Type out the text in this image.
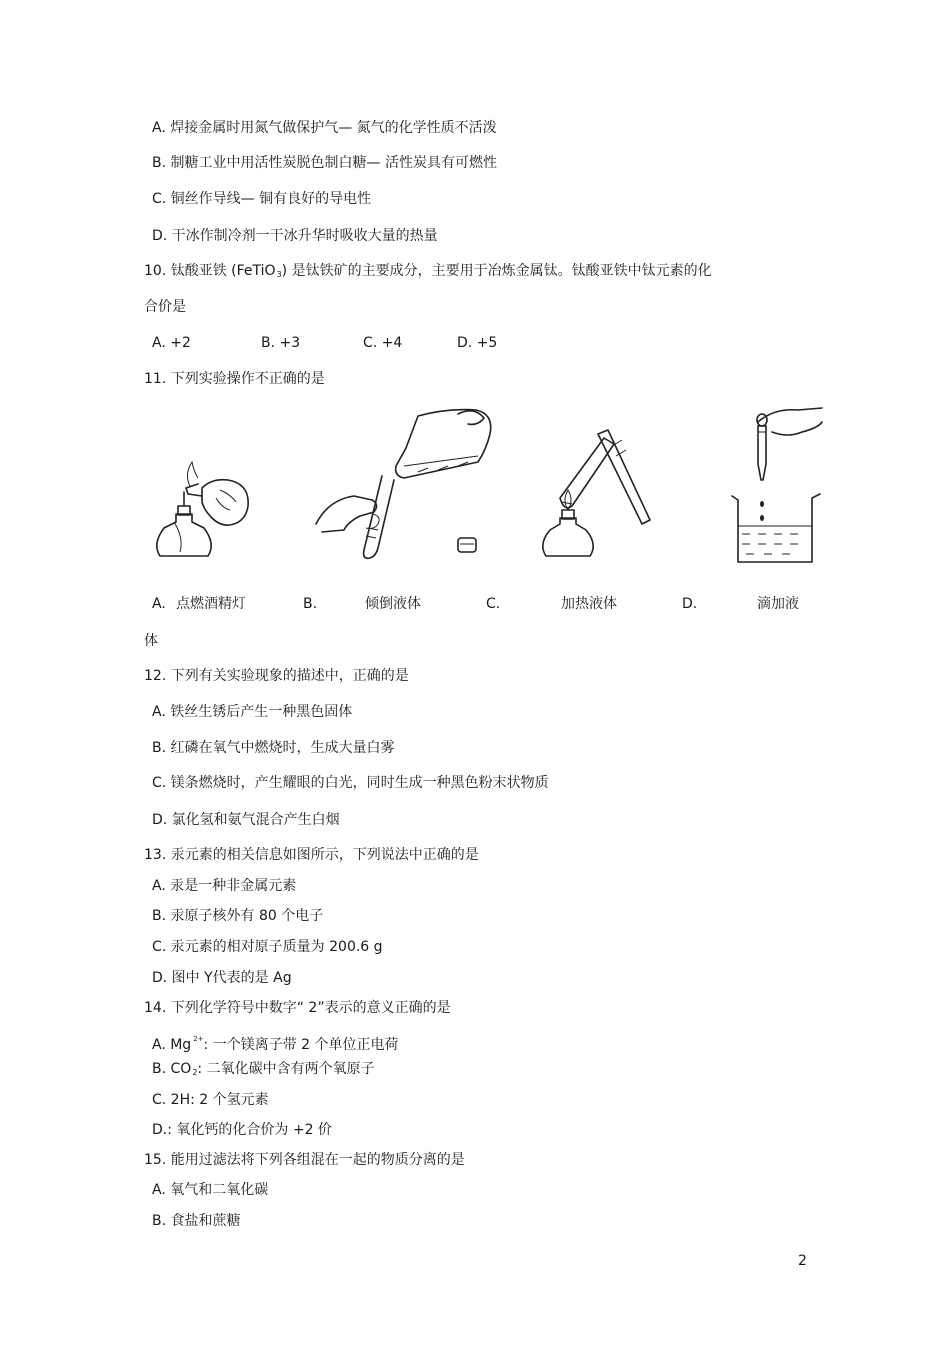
A. 焊接金属时用氮气做保护气— 氮气的化学性质不活泼
B. 制糖工业中用活性炭脱色制白糖— 活性炭具有可燃性
C. 铜丝作导线— 铜有良好的导电性
D. 干冰作制冷剂一干冰升华时吸收大量的热量
10. 钛酸亚铁 (FeTiO$_3$) 是钛铁矿的主要成分，主要用于冶炼金属钛。钛酸亚铁中钛元素的化
合价是
A. +2	B. +3	C. +4	D. +5
11. 下列实验操作不正确的是
A. 点燃酒精灯	B.	倾倒液体	C.	加热液体	D.	滴加液
体
12. 下列有关实验现象的描述中，正确的是
A. 铁丝生锈后产生一种黑色固体
B. 红磷在氧气中燃烧时，生成大量白雾
C. 镁条燃烧时，产生耀眼的白光，同时生成一种黑色粉末状物质
D. 氯化氢和氨气混合产生白烟
13. 汞元素的相关信息如图所示，下列说法中正确的是
A. 汞是一种非金属元素
B. 汞原子核外有 80 个电子
C. 汞元素的相对原子质量为 200.6 g
D. 图中 Y代表的是 Ag
14. 下列化学符号中数字“ 2”表示的意义正确的是
A. Mg $^{2+}$: 一个镁离子带 2 个单位正电荷
B. $CO_2$: 二氧化碳中含有两个氧原子
C. 2H: 2 个氢元素
D.: 氧化钙的化合价为 +2 价
15. 能用过滤法将下列各组混在一起的物质分离的是
A. 氧气和二氧化碳
B. 食盐和蔗糖
2
